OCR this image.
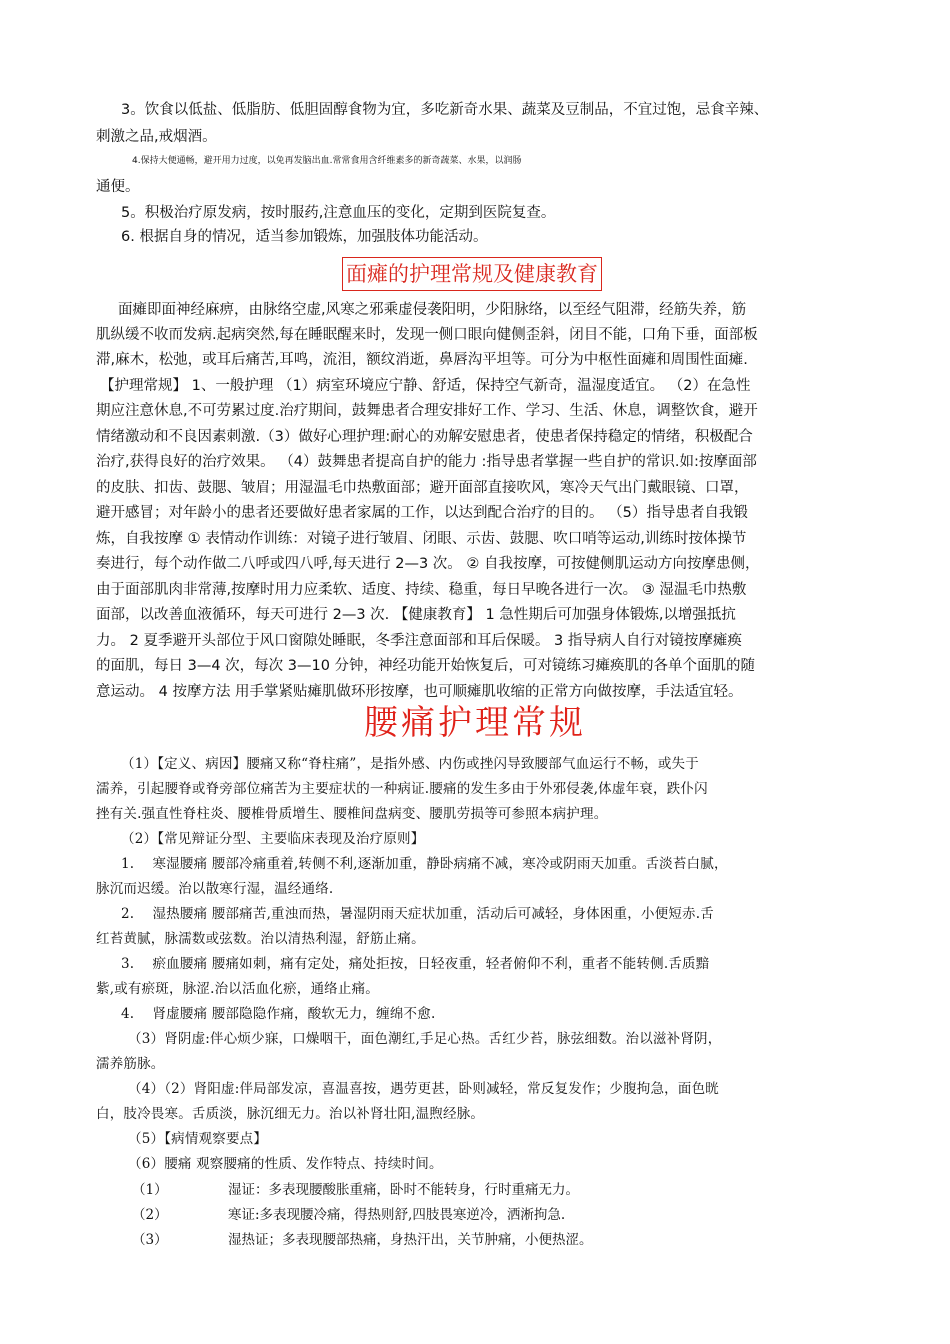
3。饮食以低盐、低脂肪、低胆固醇食物为宜，多吃新奇水果、蔬菜及豆制品，不宜过饱，忌食辛辣、

刺激之品,戒烟酒。

4.保持大便通畅，避开用力过度，以免再发脑出血.常常食用含纤维素多的新奇蔬菜、水果，以润肠

通便。

5。积极治疗原发病，按时服药,注意血压的变化，定期到医院复查。

6. 根据自身的情况，适当参加锻炼，加强肢体功能活动。

面瘫的护理常规及健康教育

面瘫即面神经麻痹，由脉络空虚,风寒之邪乘虚侵袭阳明，少阳脉络，以至经气阻滞，经筋失养，筋

肌纵缓不收而发病.起病突然,每在睡眠醒来时，发现一侧口眼向健侧歪斜，闭目不能，口角下垂，面部板

滞,麻木，松弛，或耳后痛苦,耳鸣，流泪，额纹消逝，鼻唇沟平坦等。可分为中枢性面瘫和周围性面瘫.

【护理常规】 1、一般护理 （1）病室环境应宁静、舒适，保持空气新奇，温湿度适宜。 （2）在急性

期应注意休息,不可劳累过度.治疗期间，鼓舞患者合理安排好工作、学习、生活、休息，调整饮食，避开

情绪激动和不良因素刺激.（3）做好心理护理:耐心的劝解安慰患者，使患者保持稳定的情绪，积极配合

治疗,获得良好的治疗效果。 （4）鼓舞患者提高自护的能力 :指导患者掌握一些自护的常识.如:按摩面部

的皮肤、扣齿、鼓腮、皱眉；用湿温毛巾热敷面部；避开面部直接吹风，寒冷天气出门戴眼镜、口罩，

避开感冒；对年龄小的患者还要做好患者家属的工作，以达到配合治疗的目的。 （5）指导患者自我锻

炼，自我按摩 ① 表情动作训练：对镜子进行皱眉、闭眼、示齿、鼓腮、吹口哨等运动,训练时按体操节

奏进行，每个动作做二八呼或四八呼,每天进行 2—3 次。 ② 自我按摩，可按健侧肌运动方向按摩患侧，

由于面部肌肉非常薄,按摩时用力应柔软、适度、持续、稳重，每日早晚各进行一次。 ③ 湿温毛巾热敷

面部，以改善血液循环，每天可进行 2—3 次. 【健康教育】 1 急性期后可加强身体锻炼,以增强抵抗

力。 2 夏季避开头部位于风口窗隙处睡眠，冬季注意面部和耳后保暖。 3 指导病人自行对镜按摩瘫痪

的面肌，每日 3—4 次，每次 3—10 分钟，神经功能开始恢复后，可对镜练习瘫痪肌的各单个面肌的随

意运动。 4 按摩方法 用手掌紧贴瘫肌做环形按摩，也可顺瘫肌收缩的正常方向做按摩，手法适宜轻。

腰痛护理常规

（1）【定义、病因】腰痛又称“脊柱痛”，是指外感、内伤或挫闪导致腰部气血运行不畅，或失于

濡养，引起腰脊或脊旁部位痛苦为主要症状的一种病证.腰痛的发生多由于外邪侵袭,体虚年衰，跌仆闪

挫有关.强直性脊柱炎、腰椎骨质增生、腰椎间盘病变、腰肌劳损等可参照本病护理。

（2）【常见辩证分型、主要临床表现及治疗原则】

1.　 寒湿腰痛 腰部冷痛重着,转侧不利,逐渐加重，静卧病痛不减，寒冷或阴雨天加重。舌淡苔白腻，

脉沉而迟缓。治以散寒行湿，温经通络.

2.　 湿热腰痛 腰部痛苦,重浊而热，暑湿阴雨天症状加重，活动后可减轻，身体困重，小便短赤.舌

红苔黄腻，脉濡数或弦数。治以清热利湿，舒筋止痛。

3.　 瘀血腰痛 腰痛如刺，痛有定处，痛处拒按，日轻夜重，轻者俯仰不利，重者不能转侧.舌质黯

紫,或有瘀斑，脉涩.治以活血化瘀，通络止痛。

4.　 肾虚腰痛 腰部隐隐作痛，酸软无力，缠绵不愈.

（3）肾阴虚:伴心烦少寐，口燥咽干，面色潮红,手足心热。舌红少苔，脉弦细数。治以滋补肾阴，

濡养筋脉。

（4）（2）肾阳虚:伴局部发凉，喜温喜按，遇劳更甚，卧则减轻，常反复发作；少腹拘急，面色晄

白，肢冷畏寒。舌质淡，脉沉细无力。治以补肾壮阳,温煦经脉。

（5）【病情观察要点】

（6）腰痛 观察腰痛的性质、发作特点、持续时间。

（1）	湿证：多表现腰酸胀重痛，卧时不能转身，行时重痛无力。
（2）	寒证:多表现腰冷痛，得热则舒,四肢畏寒逆冷，洒淅拘急.
（3）	湿热证；多表现腰部热痛，身热汗出，关节肿痛，小便热涩。
